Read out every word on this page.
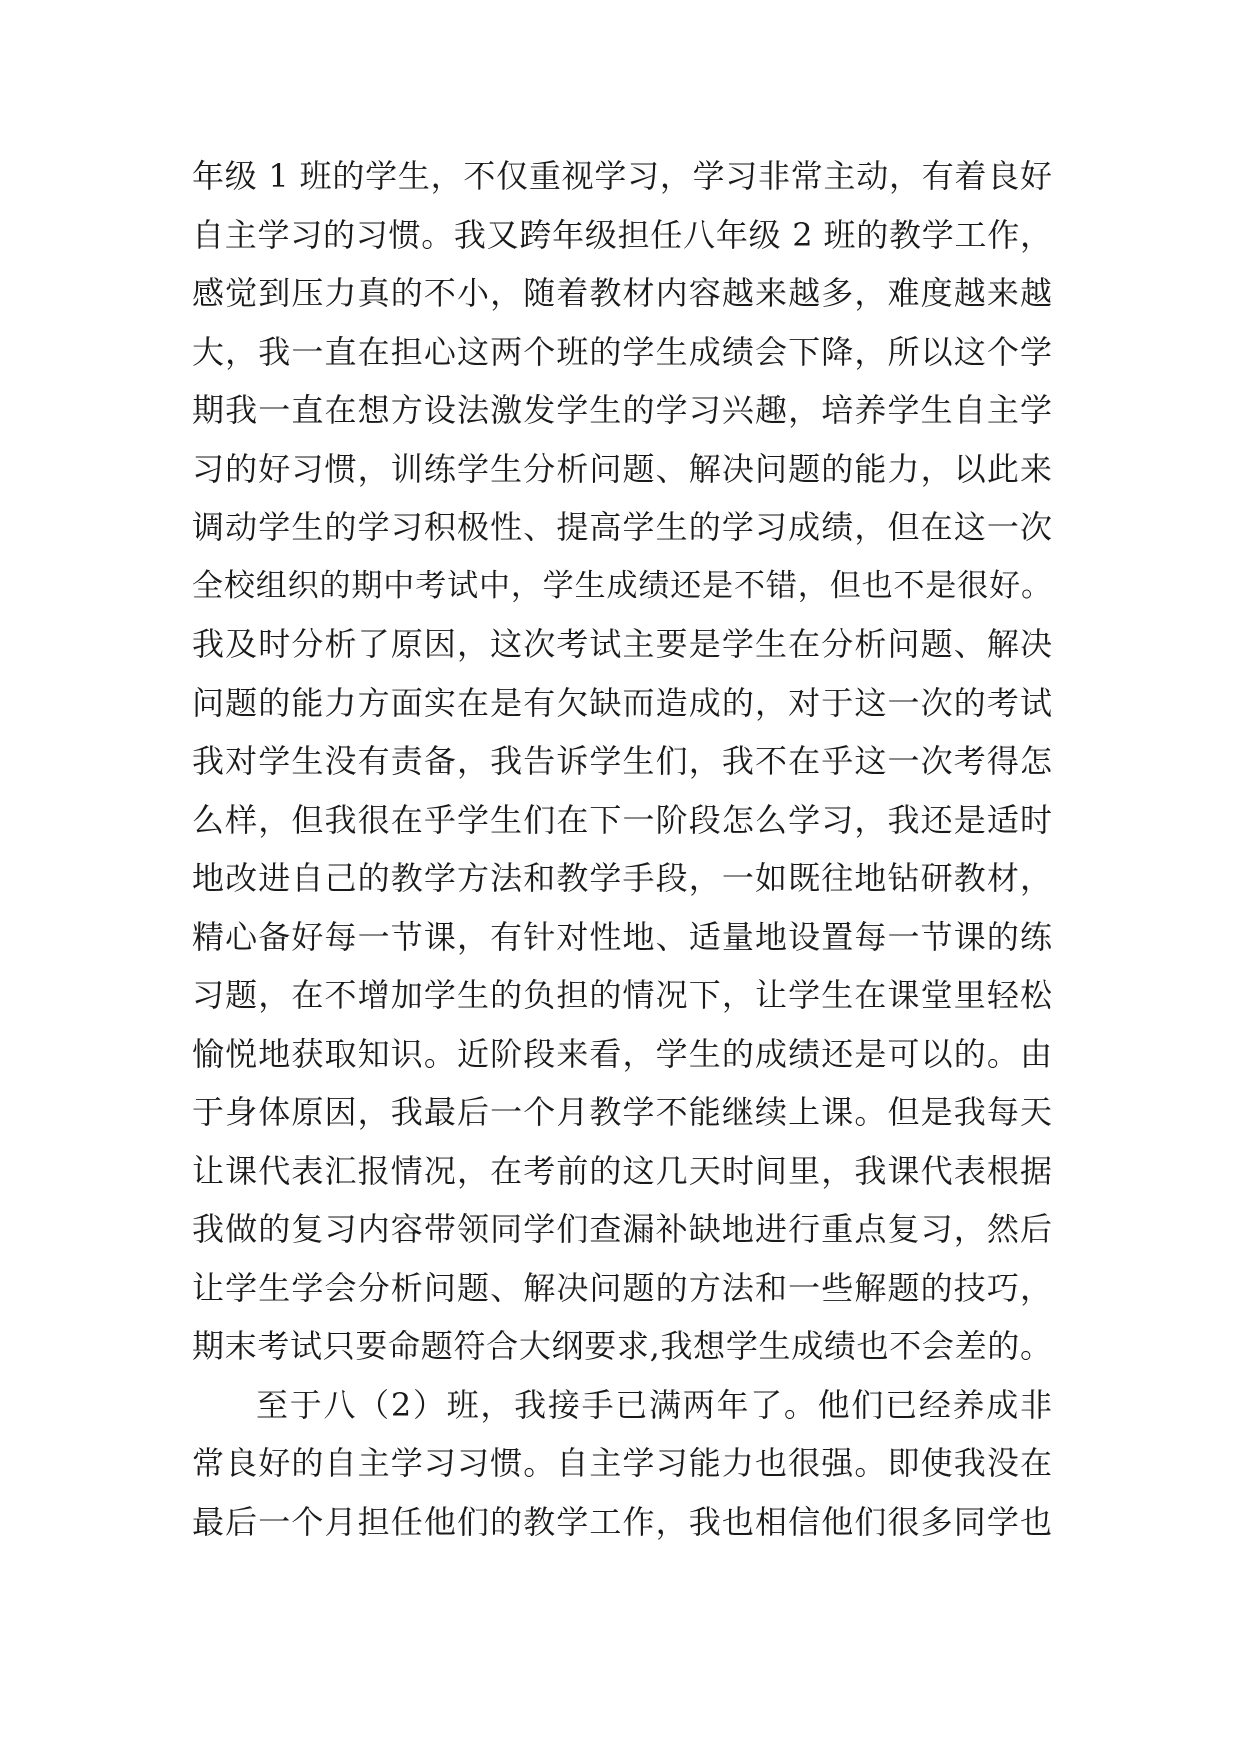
年级 1 班的学生，不仅重视学习，学习非常主动，有着良好
自主学习的习惯。我又跨年级担任八年级 2 班的教学工作，
感觉到压力真的不小，随着教材内容越来越多，难度越来越
大，我一直在担心这两个班的学生成绩会下降，所以这个学
期我一直在想方设法激发学生的学习兴趣，培养学生自主学
习的好习惯，训练学生分析问题、解决问题的能力，以此来
调动学生的学习积极性、提高学生的学习成绩，但在这一次
全校组织的期中考试中，学生成绩还是不错，但也不是很好。
我及时分析了原因，这次考试主要是学生在分析问题、解决
问题的能力方面实在是有欠缺而造成的，对于这一次的考试
我对学生没有责备，我告诉学生们，我不在乎这一次考得怎
么样，但我很在乎学生们在下一阶段怎么学习，我还是适时
地改进自己的教学方法和教学手段，一如既往地钻研教材，
精心备好每一节课，有针对性地、适量地设置每一节课的练
习题，在不增加学生的负担的情况下，让学生在课堂里轻松
愉悦地获取知识。近阶段来看，学生的成绩还是可以的。由
于身体原因，我最后一个月教学不能继续上课。但是我每天
让课代表汇报情况，在考前的这几天时间里，我课代表根据
我做的复习内容带领同学们查漏补缺地进行重点复习，然后
让学生学会分析问题、解决问题的方法和一些解题的技巧，
期末考试只要命题符合大纲要求,我想学生成绩也不会差的。
至于八（2）班，我接手已满两年了。他们已经养成非
常良好的自主学习习惯。自主学习能力也很强。即使我没在
最后一个月担任他们的教学工作，我也相信他们很多同学也
